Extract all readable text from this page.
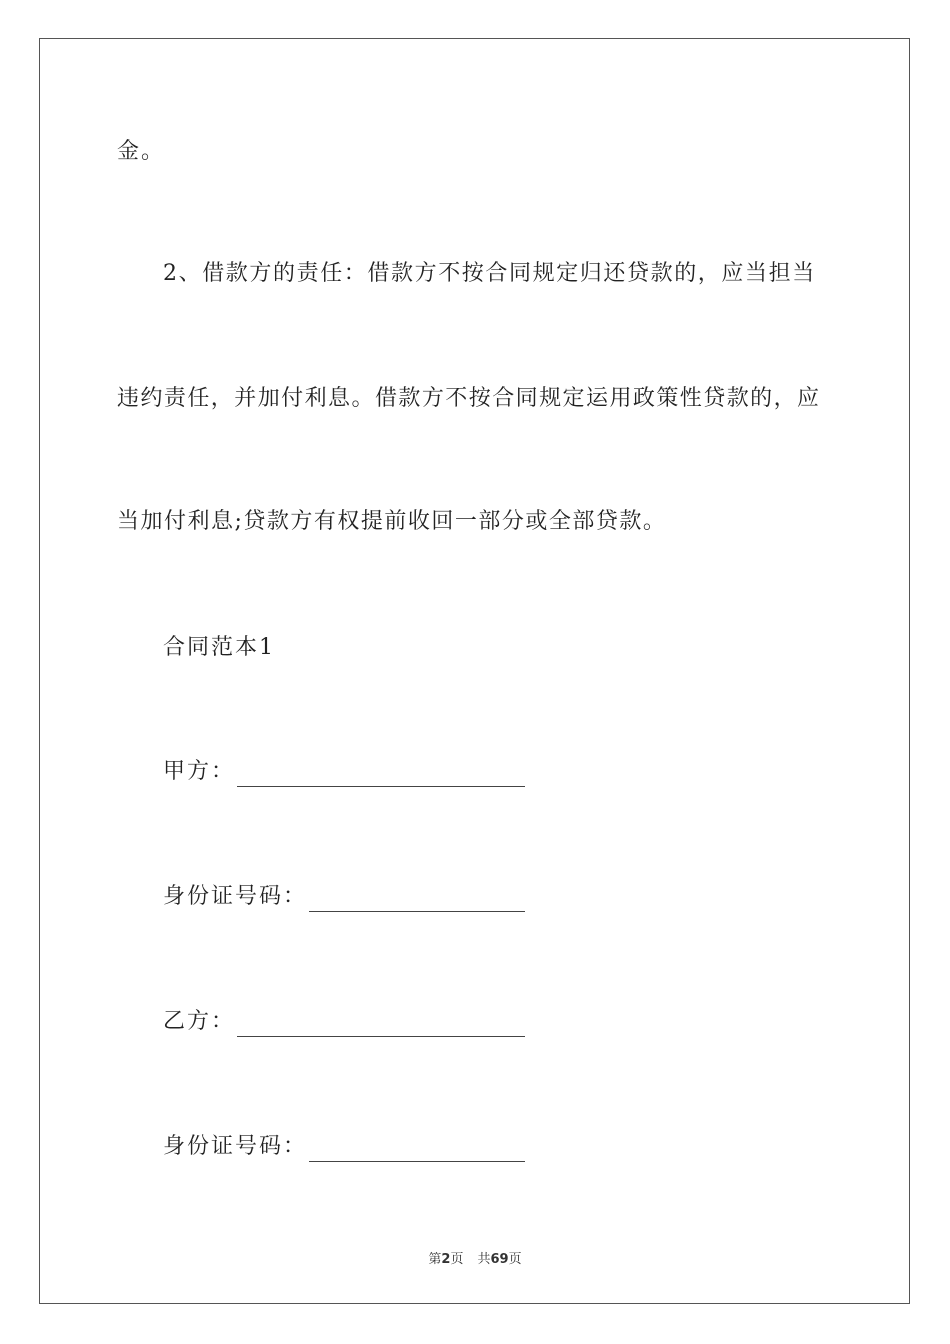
金。
2、借款方的责任：借款方不按合同规定归还贷款的，应当担当
违约责任，并加付利息。借款方不按合同规定运用政策性贷款的，应
当加付利息;贷款方有权提前收回一部分或全部贷款。
合同范本1
甲方：
身份证号码：
乙方：
身份证号码：
第2页 共69页
